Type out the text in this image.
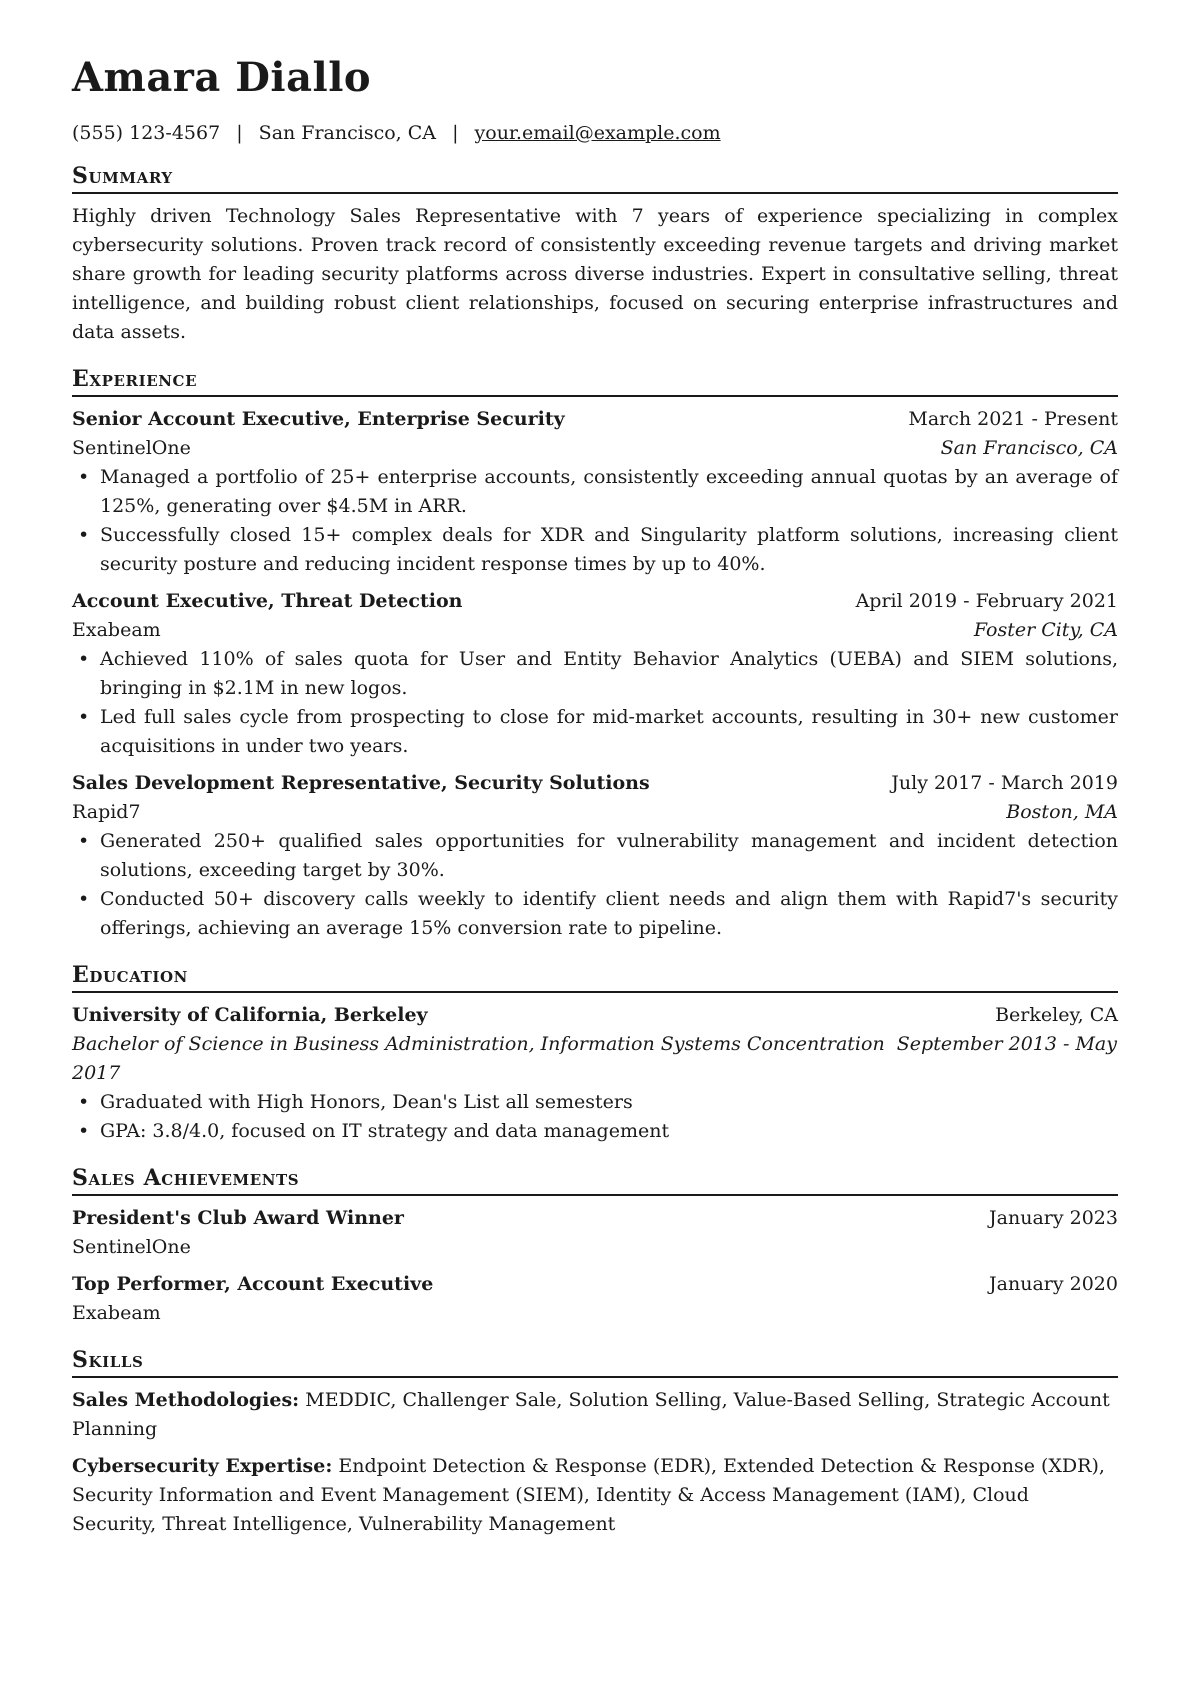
Amara Diallo
(555) 123-4567 | San Francisco, CA | your.email@example.com
Summary

Highly driven Technology Sales Representative with 7 years of experience specializing in complex cybersecurity solutions. Proven track record of consistently exceeding revenue targets and driving market share growth for leading security platforms across diverse industries. Expert in consultative selling, threat intelligence, and building robust client relationships, focused on securing enterprise infrastructures and data assets.

Experience
Senior Account Executive, Enterprise Security	March 2021 - Present
SentinelOne	San Francisco, CA
• Managed a portfolio of 25+ enterprise accounts, consistently exceeding annual quotas by an average of 125%, generating over $4.5M in ARR.
• Successfully closed 15+ complex deals for XDR and Singularity platform solutions, increasing client security posture and reducing incident response times by up to 40%.
Account Executive, Threat Detection	April 2019 - February 2021
Exabeam	Foster City, CA
• Achieved 110% of sales quota for User and Entity Behavior Analytics (UEBA) and SIEM solutions, bringing in $2.1M in new logos.
• Led full sales cycle from prospecting to close for mid-market accounts, resulting in 30+ new customer acquisitions in under two years.
Sales Development Representative, Security Solutions	July 2017 - March 2019
Rapid7	Boston, MA
• Generated 250+ qualified sales opportunities for vulnerability management and incident detection solutions, exceeding target by 30%.
• Conducted 50+ discovery calls weekly to identify client needs and align them with Rapid7's security offerings, achieving an average 15% conversion rate to pipeline.
Education
University of California, Berkeley	Berkeley, CA
Bachelor of Science in Business Administration, Information Systems Concentration September 2013 - May 2017
• Graduated with High Honors, Dean's List all semesters
• GPA: 3.8/4.0, focused on IT strategy and data management
Sales Achievements
President's Club Award Winner	January 2023
SentinelOne
Top Performer, Account Executive	January 2020
Exabeam
Skills

Sales Methodologies: MEDDIC, Challenger Sale, Solution Selling, Value-Based Selling, Strategic Account Planning

Cybersecurity Expertise: Endpoint Detection & Response (EDR), Extended Detection & Response (XDR), Security Information and Event Management (SIEM), Identity & Access Management (IAM), Cloud Security, Threat Intelligence, Vulnerability Management
